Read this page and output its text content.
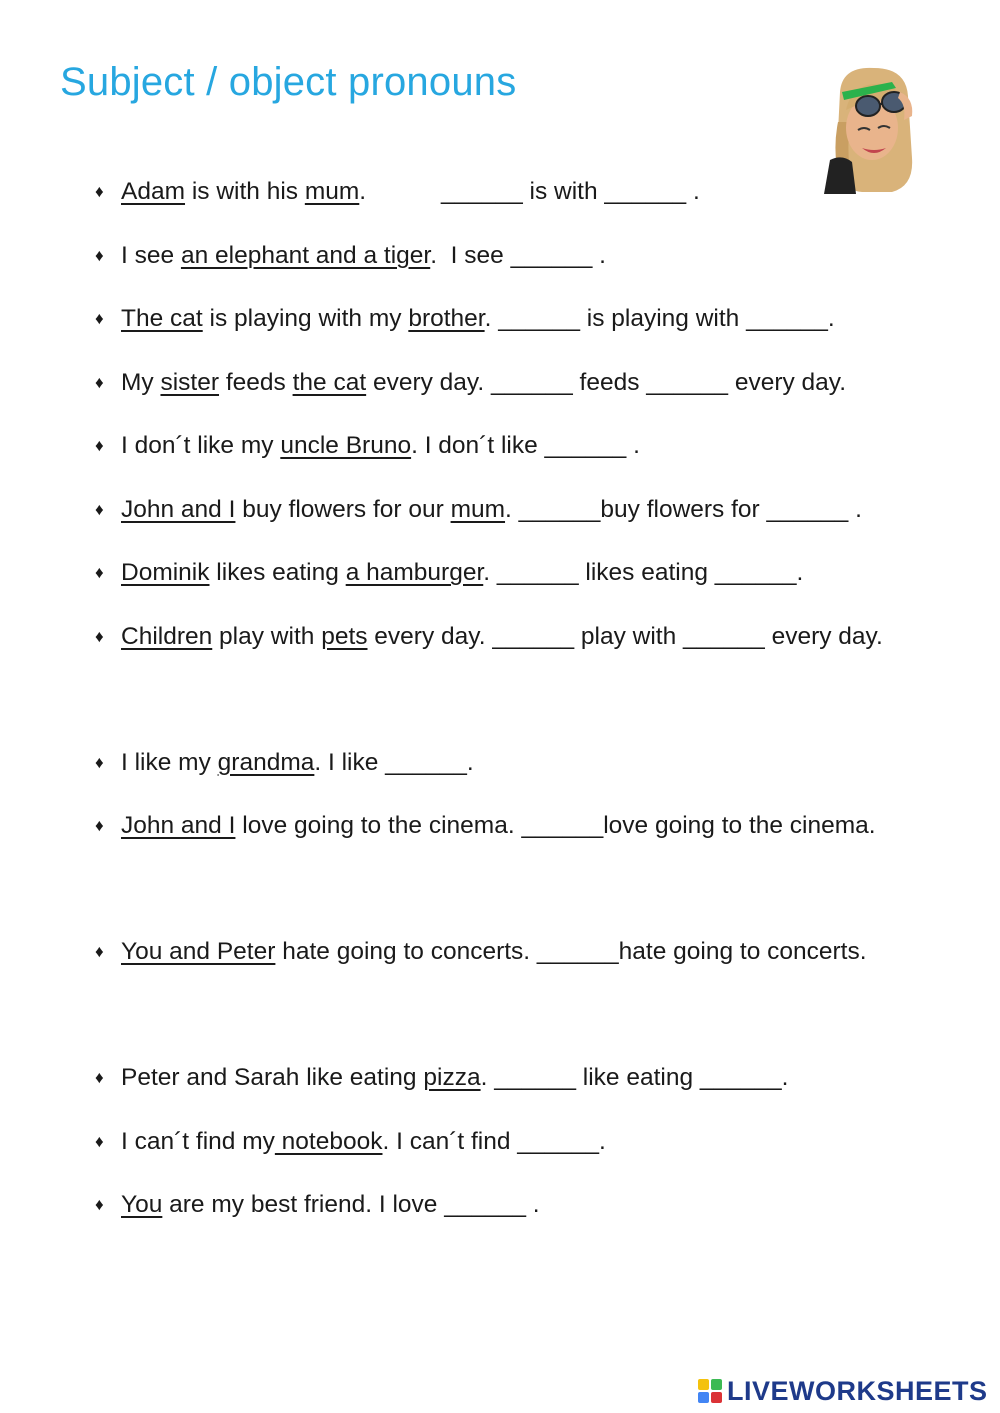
Subject / object pronouns
♦ Adam is with his mum.           ______ is with ______ .
♦ I see an elephant and a tiger.  I see ______ .
♦ The cat is playing with my brother. ______ is playing with ______.
♦ My sister feeds the cat every day. ______ feeds ______ every day.
♦ I don´t like my uncle Bruno. I don´t like ______ .
♦ John and I buy flowers for our mum. ______buy flowers for ______ .
♦ Dominik likes eating a hamburger. ______ likes eating ______.
♦ Children play with pets every day. ______ play with ______ every day.
♦ I like my grandma. I like ______.
♦ John and I love going to the cinema. ______love going to the cinema.
♦ You and Peter hate going to concerts. ______hate going to concerts.
♦ Peter and Sarah like eating pizza. ______ like eating ______.
♦ I can´t find my notebook. I can´t find ______.
♦ You are my best friend. I love ______ .
LIVEWORKSHEETS
